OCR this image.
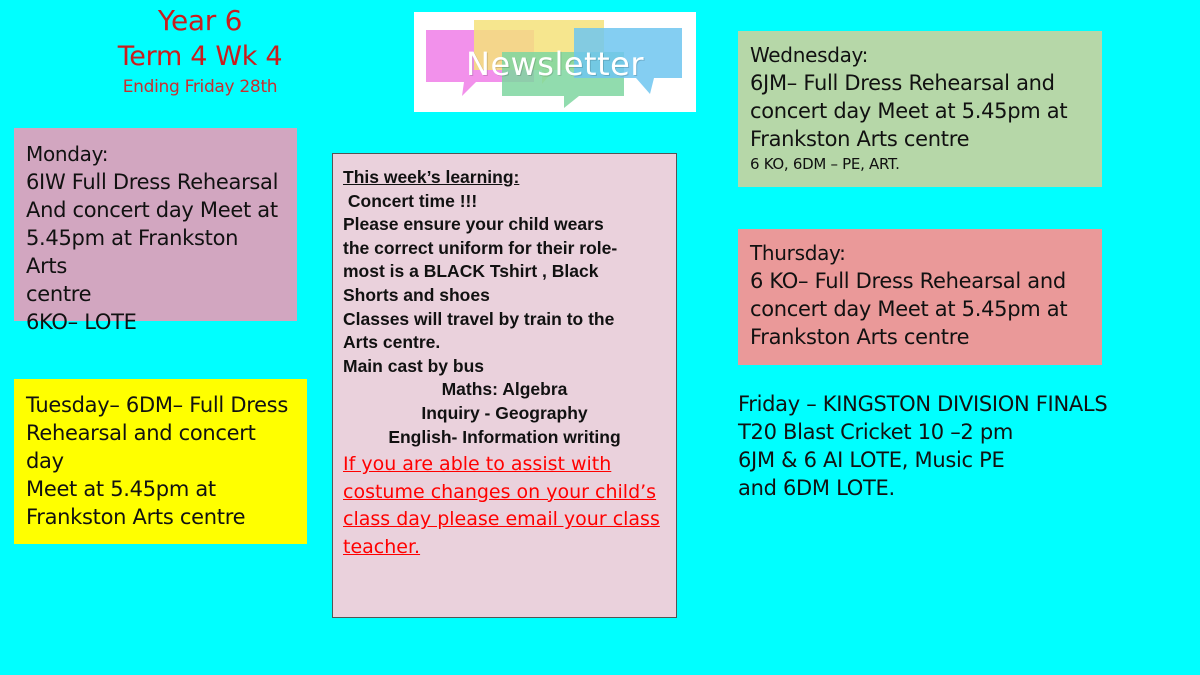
Year 6
Term 4 Wk 4
Ending Friday 28th
Newsletter

Monday:

6IW Full Dress Rehearsal

And concert day Meet at

5.45pm at Frankston Arts

centre

6KO– LOTE

Tuesday– 6DM– Full Dress

Rehearsal and concert day

Meet at 5.45pm at

Frankston Arts centre

This week’s learning:

Concert time !!!

Please ensure your child wears

the correct uniform for their role-

most is a BLACK Tshirt , Black

Shorts and shoes

Classes will travel by train to the

Arts centre.

Main cast by bus

Maths: Algebra

Inquiry - Geography

English- Information writing

If you are able to assist with

costume changes on your child’s

class day please email your class

teacher.

Wednesday:

6JM– Full Dress Rehearsal and

concert day Meet at 5.45pm at

Frankston Arts centre

6 KO, 6DM – PE, ART.

Thursday:

6 KO– Full Dress Rehearsal and

concert day Meet at 5.45pm at

Frankston Arts centre

Friday – KINGSTON DIVISION FINALS

T20 Blast Cricket 10 –2 pm

6JM & 6 AI LOTE, Music PE

and 6DM LOTE.
